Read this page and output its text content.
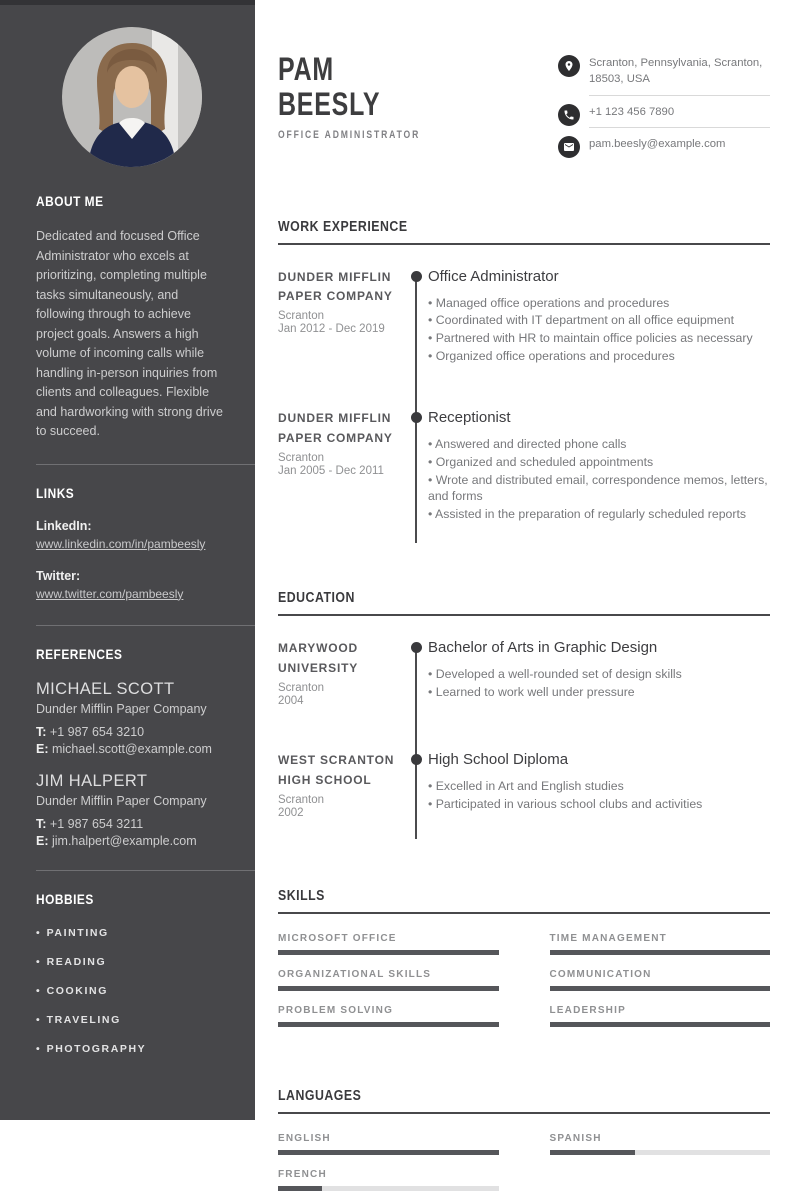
ABOUT ME

Dedicated and focused Office Administrator who excels at prioritizing, completing multiple tasks simultaneously, and following through to achieve project goals. Answers a high volume of incoming calls while handling in-person inquiries from clients and colleagues. Flexible and hardworking with strong drive to succeed.

LINKS
LinkedIn:
www.linkedin.com/in/pambeesly
Twitter:
www.twitter.com/pambeesly
REFERENCES
MICHAEL SCOTT
Dunder Mifflin Paper Company
T: +1 987 654 3210
E: michael.scott@example.com
JIM HALPERT
Dunder Mifflin Paper Company
T: +1 987 654 3211
E: jim.halpert@example.com
HOBBIES
• PAINTING
• READING
• COOKING
• TRAVELING
• PHOTOGRAPHY
PAM
BEESLY
OFFICE ADMINISTRATOR
Scranton, Pennsylvania, Scranton, 18503, USA
+1 123 456 7890
pam.beesly@example.com
WORK EXPERIENCE
DUNDER MIFFLIN PAPER COMPANY
Scranton
Jan 2012 - Dec 2019
Office Administrator
• Managed office operations and procedures
• Coordinated with IT department on all office equipment
• Partnered with HR to maintain office policies as necessary
• Organized office operations and procedures
DUNDER MIFFLIN PAPER COMPANY
Scranton
Jan 2005 - Dec 2011
Receptionist
• Answered and directed phone calls
• Organized and scheduled appointments
• Wrote and distributed email, correspondence memos, letters, and forms
• Assisted in the preparation of regularly scheduled reports
EDUCATION
MARYWOOD UNIVERSITY
Scranton
2004
Bachelor of Arts in Graphic Design
• Developed a well-rounded set of design skills
• Learned to work well under pressure
WEST SCRANTON HIGH SCHOOL
Scranton
2002
High School Diploma
• Excelled in Art and English studies
• Participated in various school clubs and activities
SKILLS
MICROSOFT OFFICE	TIME MANAGEMENT
ORGANIZATIONAL SKILLS	COMMUNICATION
PROBLEM SOLVING	LEADERSHIP
LANGUAGES
ENGLISH	SPANISH
FRENCH
